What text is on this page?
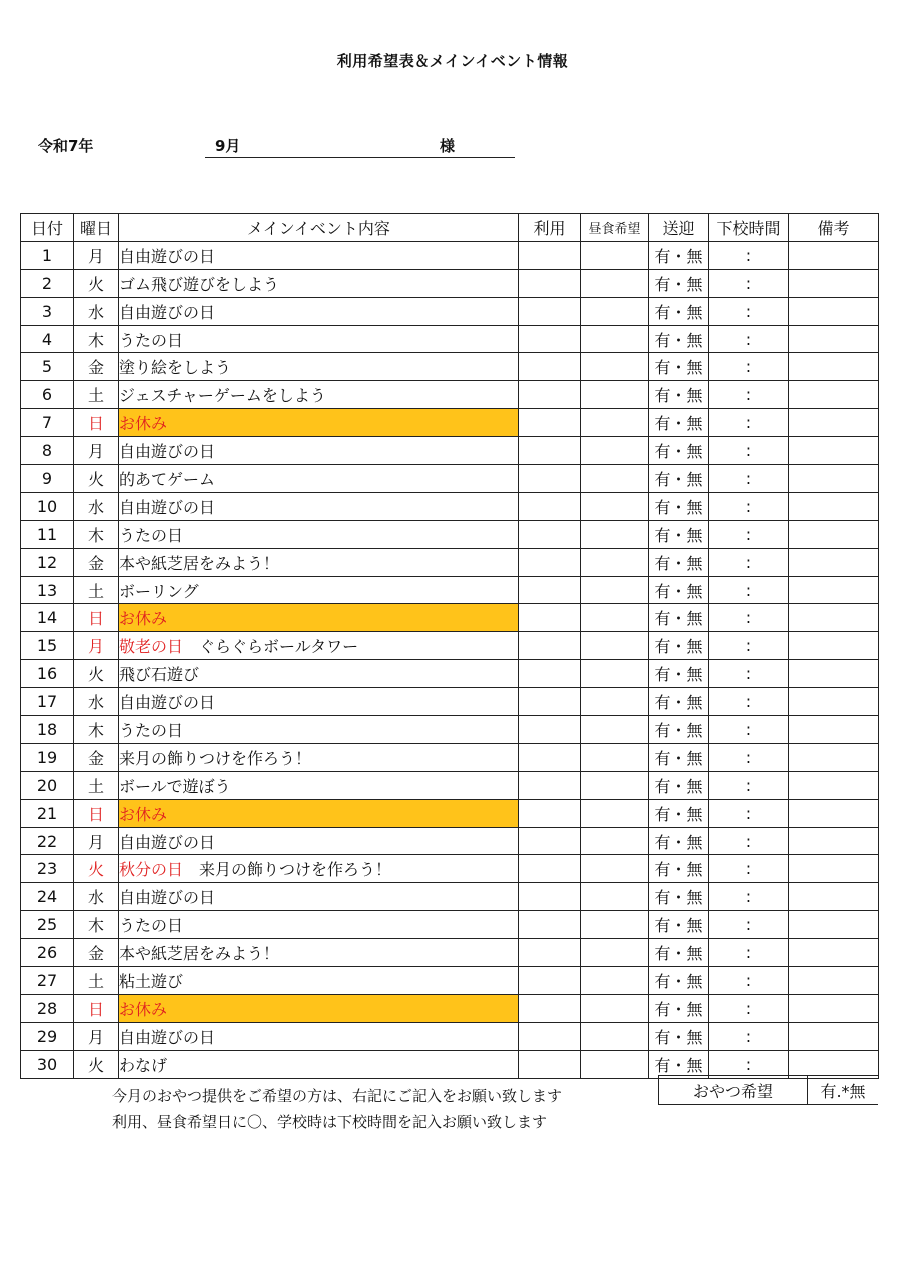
利用希望表＆メインイベント情報
令和7年	9月	様
日付	曜日	メインイベント内容	利用	昼食希望	送迎	下校時間	備考
1	月	自由遊びの日			有・無	:	
2	火	ゴム飛び遊びをしよう			有・無	:	
3	水	自由遊びの日			有・無	:	
4	木	うたの日			有・無	:	
5	金	塗り絵をしよう			有・無	:	
6	土	ジェスチャーゲームをしよう			有・無	:	
7	日	お休み			有・無	:	
8	月	自由遊びの日			有・無	:	
9	火	的あてゲーム			有・無	:	
10	水	自由遊びの日			有・無	:	
11	木	うたの日			有・無	:	
12	金	本や紙芝居をみよう！			有・無	:	
13	土	ボーリング			有・無	:	
14	日	お休み			有・無	:	
15	月	敬老の日　 ぐらぐらボールタワー			有・無	:	
16	火	飛び石遊び			有・無	:	
17	水	自由遊びの日			有・無	:	
18	木	うたの日			有・無	:	
19	金	来月の飾りつけを作ろう！			有・無	:	
20	土	ボールで遊ぼう			有・無	:	
21	日	お休み			有・無	:	
22	月	自由遊びの日			有・無	:	
23	火	秋分の日　 来月の飾りつけを作ろう！			有・無	:	
24	水	自由遊びの日			有・無	:	
25	木	うたの日			有・無	:	
26	金	本や紙芝居をみよう！			有・無	:	
27	土	粘土遊び			有・無	:	
28	日	お休み			有・無	:	
29	月	自由遊びの日			有・無	:	
30	火	わなげ			有・無	:	
今月のおやつ提供をご希望の方は、右記にご記入をお願い致します
利用、昼食希望日に〇、学校時は下校時間を記入お願い致します
おやつ希望	有.*無
